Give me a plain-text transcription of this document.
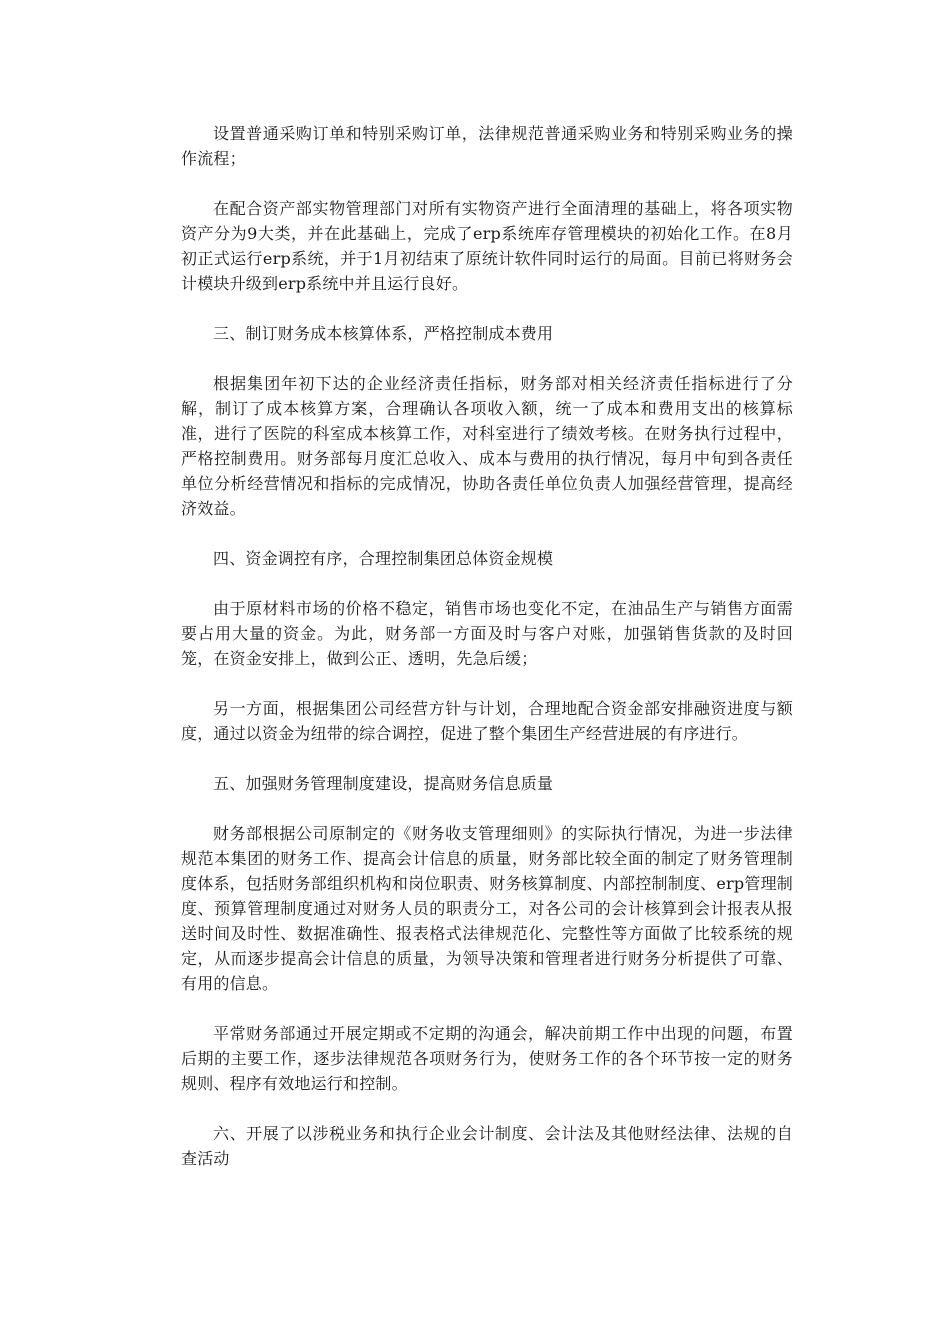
设置普通采购订单和特别采购订单，法律规范普通采购业务和特别采购业务的操作流程；

在配合资产部实物管理部门对所有实物资产进行全面清理的基础上，将各项实物资产分为9大类，并在此基础上，完成了erp系统库存管理模块的初始化工作。在8月初正式运行erp系统，并于1月初结束了原统计软件同时运行的局面。目前已将财务会计模块升级到erp系统中并且运行良好。

三、制订财务成本核算体系，严格控制成本费用

根据集团年初下达的企业经济责任指标，财务部对相关经济责任指标进行了分解，制订了成本核算方案，合理确认各项收入额，统一了成本和费用支出的核算标准，进行了医院的科室成本核算工作，对科室进行了绩效考核。在财务执行过程中，严格控制费用。财务部每月度汇总收入、成本与费用的执行情况，每月中旬到各责任单位分析经营情况和指标的完成情况，协助各责任单位负责人加强经营管理，提高经济效益。

四、资金调控有序，合理控制集团总体资金规模

由于原材料市场的价格不稳定，销售市场也变化不定，在油品生产与销售方面需要占用大量的资金。为此，财务部一方面及时与客户对账，加强销售货款的及时回笼，在资金安排上，做到公正、透明，先急后缓；

另一方面，根据集团公司经营方针与计划，合理地配合资金部安排融资进度与额度，通过以资金为纽带的综合调控，促进了整个集团生产经营进展的有序进行。

五、加强财务管理制度建设，提高财务信息质量

财务部根据公司原制定的《财务收支管理细则》的实际执行情况，为进一步法律规范本集团的财务工作、提高会计信息的质量，财务部比较全面的制定了财务管理制度体系，包括财务部组织机构和岗位职责、财务核算制度、内部控制制度、erp管理制度、预算管理制度通过对财务人员的职责分工，对各公司的会计核算到会计报表从报送时间及时性、数据准确性、报表格式法律规范化、完整性等方面做了比较系统的规定，从而逐步提高会计信息的质量，为领导决策和管理者进行财务分析提供了可靠、有用的信息。

平常财务部通过开展定期或不定期的沟通会，解决前期工作中出现的问题，布置后期的主要工作，逐步法律规范各项财务行为，使财务工作的各个环节按一定的财务规则、程序有效地运行和控制。

六、开展了以涉税业务和执行企业会计制度、会计法及其他财经法律、法规的自查活动
